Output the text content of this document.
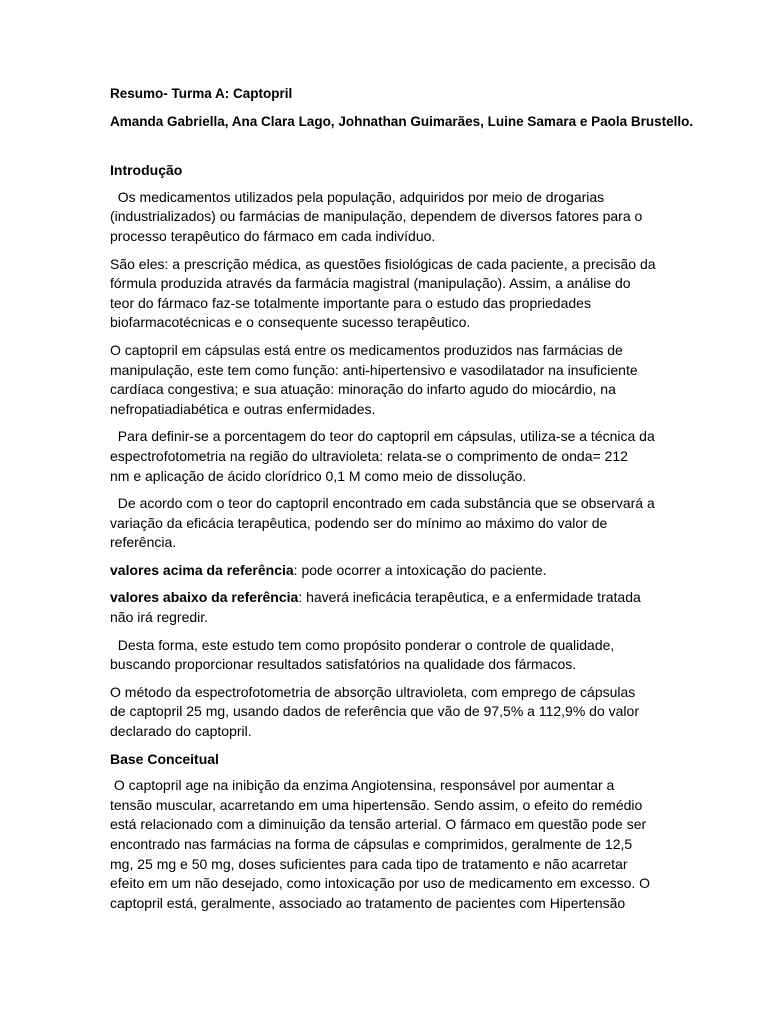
Resumo- Turma A: Captopril
Amanda Gabriella, Ana Clara Lago, Johnathan Guimarães, Luine Samara e Paola Brustello.
Introdução

Os medicamentos utilizados pela população, adquiridos por meio de drogarias
(industrializados) ou farmácias de manipulação, dependem de diversos fatores para o
processo terapêutico do fármaco em cada indivíduo.

São eles: a prescrição médica, as questões fisiológicas de cada paciente, a precisão da
fórmula produzida através da farmácia magistral (manipulação). Assim, a análise do
teor do fármaco faz-se totalmente importante para o estudo das propriedades
biofarmacotécnicas e o consequente sucesso terapêutico.

O captopril em cápsulas está entre os medicamentos produzidos nas farmácias de
manipulação, este tem como função: anti-hipertensivo e vasodilatador na insuficiente
cardíaca congestiva; e sua atuação: minoração do infarto agudo do miocárdio, na
nefropatiadiabética e outras enfermidades.

Para definir-se a porcentagem do teor do captopril em cápsulas, utiliza-se a técnica da
espectrofotometria na região do ultravioleta: relata-se o comprimento de onda= 212
nm e aplicação de ácido clorídrico 0,1 M como meio de dissolução.

De acordo com o teor do captopril encontrado em cada substância que se observará a
variação da eficácia terapêutica, podendo ser do mínimo ao máximo do valor de
referência.

valores acima da referência: pode ocorrer a intoxicação do paciente.

valores abaixo da referência: haverá ineficácia terapêutica, e a enfermidade tratada
não irá regredir.

Desta forma, este estudo tem como propósito ponderar o controle de qualidade,
buscando proporcionar resultados satisfatórios na qualidade dos fármacos.

O método da espectrofotometria de absorção ultravioleta, com emprego de cápsulas
de captopril 25 mg, usando dados de referência que vão de 97,5% a 112,9% do valor
declarado do captopril.

Base Conceitual

O captopril age na inibição da enzima Angiotensina, responsável por aumentar a
tensão muscular, acarretando em uma hipertensão. Sendo assim, o efeito do remédio
está relacionado com a diminuição da tensão arterial. O fármaco em questão pode ser
encontrado nas farmácias na forma de cápsulas e comprimidos, geralmente de 12,5
mg, 25 mg e 50 mg, doses suficientes para cada tipo de tratamento e não acarretar
efeito em um não desejado, como intoxicação por uso de medicamento em excesso. O
captopril está, geralmente, associado ao tratamento de pacientes com Hipertensão
